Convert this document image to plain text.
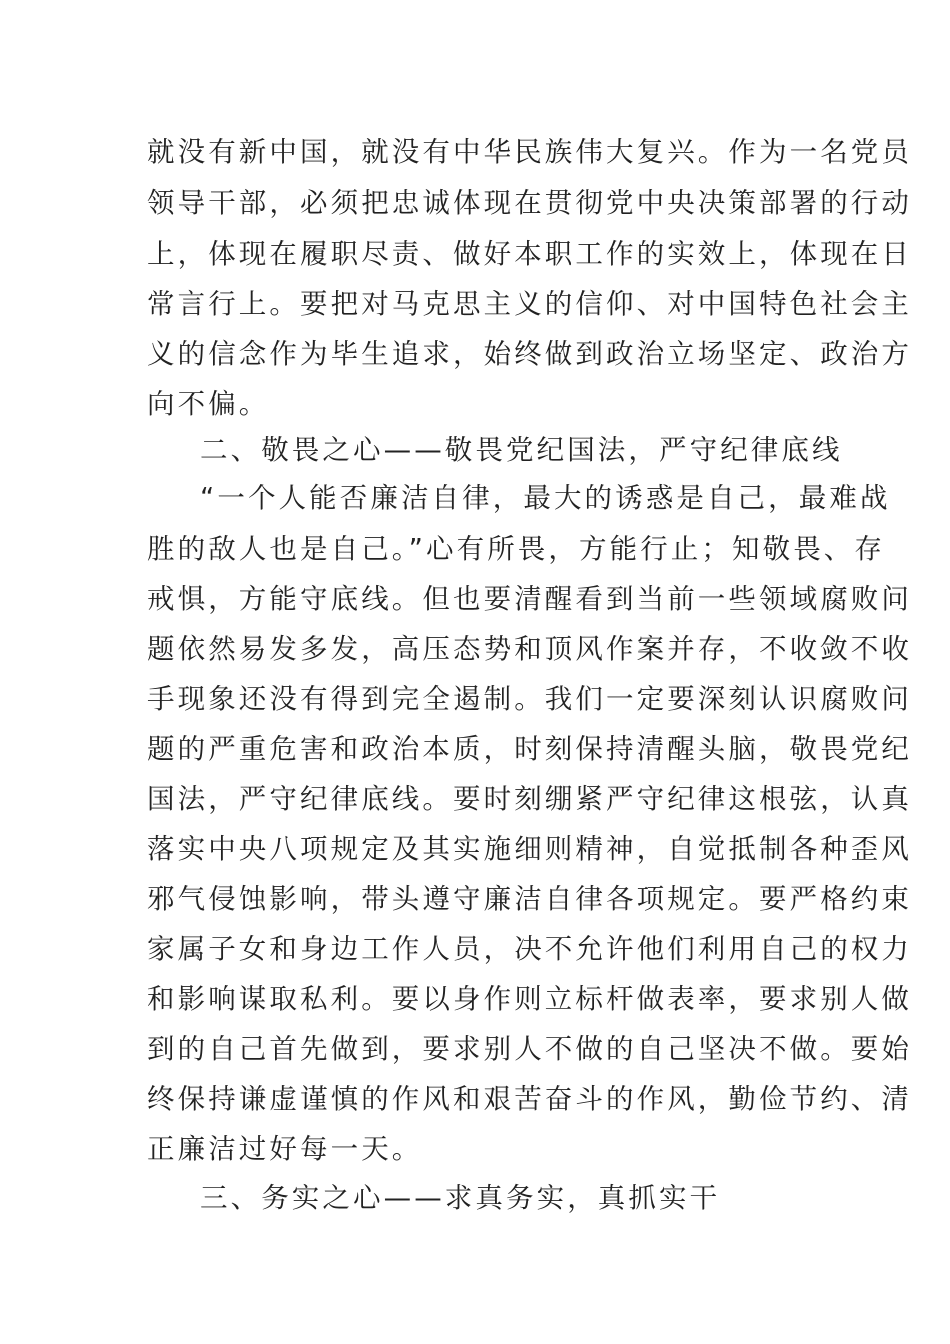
就没有新中国，就没有中华民族伟大复兴。作为一名党员
领导干部，必须把忠诚体现在贯彻党中央决策部署的行动
上，体现在履职尽责、做好本职工作的实效上，体现在日
常言行上。要把对马克思主义的信仰、对中国特色社会主
义的信念作为毕生追求，始终做到政治立场坚定、政治方
向不偏。
二、敬畏之心——敬畏党纪国法，严守纪律底线
“一个人能否廉洁自律，最大的诱惑是自己，最难战
胜的敌人也是自己。”心有所畏，方能行止；知敬畏、存
戒惧，方能守底线。但也要清醒看到当前一些领域腐败问
题依然易发多发，高压态势和顶风作案并存，不收敛不收
手现象还没有得到完全遏制。我们一定要深刻认识腐败问
题的严重危害和政治本质，时刻保持清醒头脑，敬畏党纪
国法，严守纪律底线。要时刻绷紧严守纪律这根弦，认真
落实中央八项规定及其实施细则精神，自觉抵制各种歪风
邪气侵蚀影响，带头遵守廉洁自律各项规定。要严格约束
家属子女和身边工作人员，决不允许他们利用自己的权力
和影响谋取私利。要以身作则立标杆做表率，要求别人做
到的自己首先做到，要求别人不做的自己坚决不做。要始
终保持谦虚谨慎的作风和艰苦奋斗的作风，勤俭节约、清
正廉洁过好每一天。
三、务实之心——求真务实，真抓实干
